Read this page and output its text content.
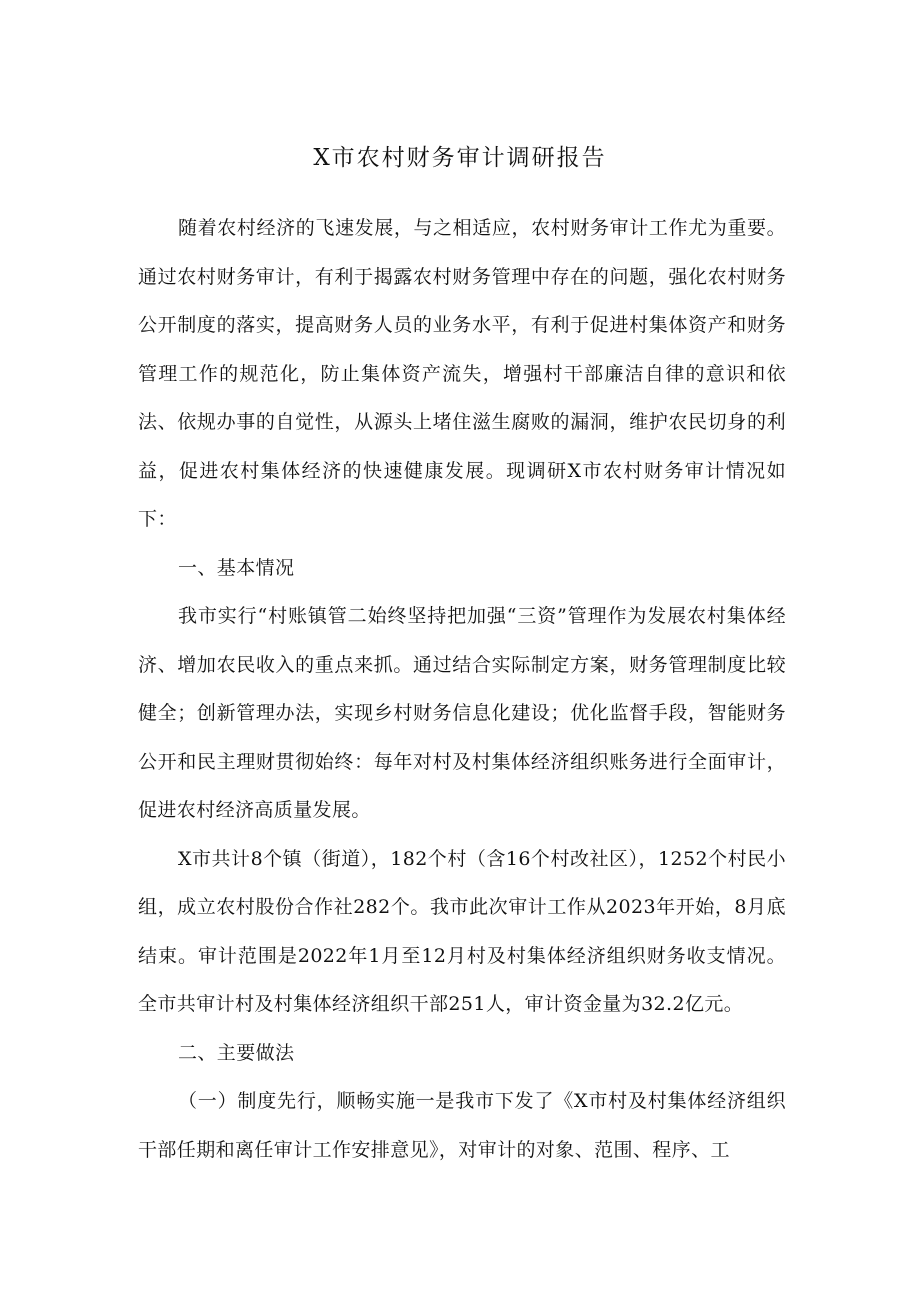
X市农村财务审计调研报告

随着农村经济的飞速发展，与之相适应，农村财务审计工作尤为重要。通过农村财务审计，有利于揭露农村财务管理中存在的问题，强化农村财务公开制度的落实，提高财务人员的业务水平，有利于促进村集体资产和财务管理工作的规范化，防止集体资产流失，增强村干部廉洁自律的意识和依法、依规办事的自觉性，从源头上堵住滋生腐败的漏洞，维护农民切身的利益，促进农村集体经济的快速健康发展。现调研X市农村财务审计情况如下：

一、基本情况

我市实行“村账镇管二始终坚持把加强“三资”管理作为发展农村集体经济、增加农民收入的重点来抓。通过结合实际制定方案，财务管理制度比较健全；创新管理办法，实现乡村财务信息化建设；优化监督手段，智能财务公开和民主理财贯彻始终：每年对村及村集体经济组织账务进行全面审计，促进农村经济高质量发展。

X市共计8个镇（街道），182个村（含16个村改社区），1252个村民小组，成立农村股份合作社282个。我市此次审计工作从2023年开始，8月底结束。审计范围是2022年1月至12月村及村集体经济组织财务收支情况。全市共审计村及村集体经济组织干部251人，审计资金量为32.2亿元。

二、主要做法

（一）制度先行，顺畅实施一是我市下发了《X市村及村集体经济组织干部任期和离任审计工作安排意见》，对审计的对象、范围、程序、工
